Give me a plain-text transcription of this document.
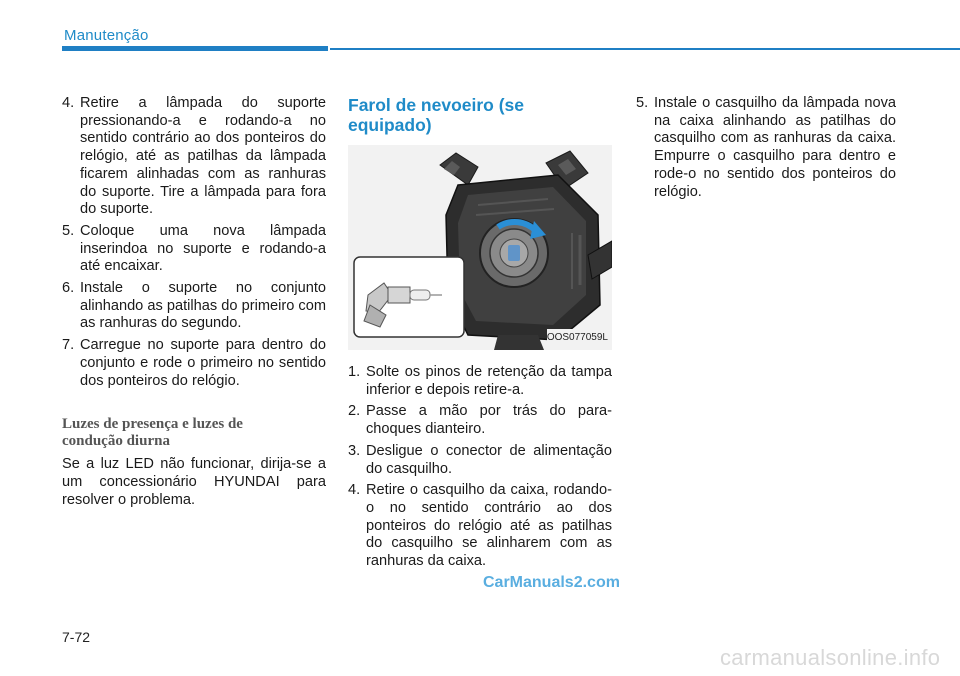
Manutenção
4. Retire a lâmpada do suporte pressionando-a e rodando-a no sentido contrário ao dos ponteiros do relógio, até as patilhas da lâmpada ficarem alinhadas com as ranhuras do suporte. Tire a lâmpada para fora do suporte.
5. Coloque uma nova lâmpada inserindoa no suporte e rodando-a até encaixar.
6. Instale o suporte no conjunto alinhando as patilhas do primeiro com as ranhuras do segundo.
7. Carregue no suporte para dentro do conjunto e rode o primeiro no sentido dos ponteiros do relógio.
Luzes de presença e luzes de
condução diurna
Se a luz LED não funcionar, dirija-se a um concessionário HYUNDAI para resolver o problema.
Farol de nevoeiro (se equipado)
OOS077059L
1. Solte os pinos de retenção da tampa inferior e depois retire-a.
2. Passe a mão por trás do para-choques dianteiro.
3. Desligue o conector de alimentação do casquilho.
4. Retire o casquilho da caixa, rodando-o no sentido contrário ao dos ponteiros do relógio até as patilhas do casquilho se alinharem com as ranhuras da caixa.
5. Instale o casquilho da lâmpada nova na caixa alinhando as patilhas do casquilho com as ranhuras da caixa. Empurre o casquilho para dentro e rode-o no sentido dos ponteiros do relógio.
CarManuals2.com
7-72
carmanualsonline.info
